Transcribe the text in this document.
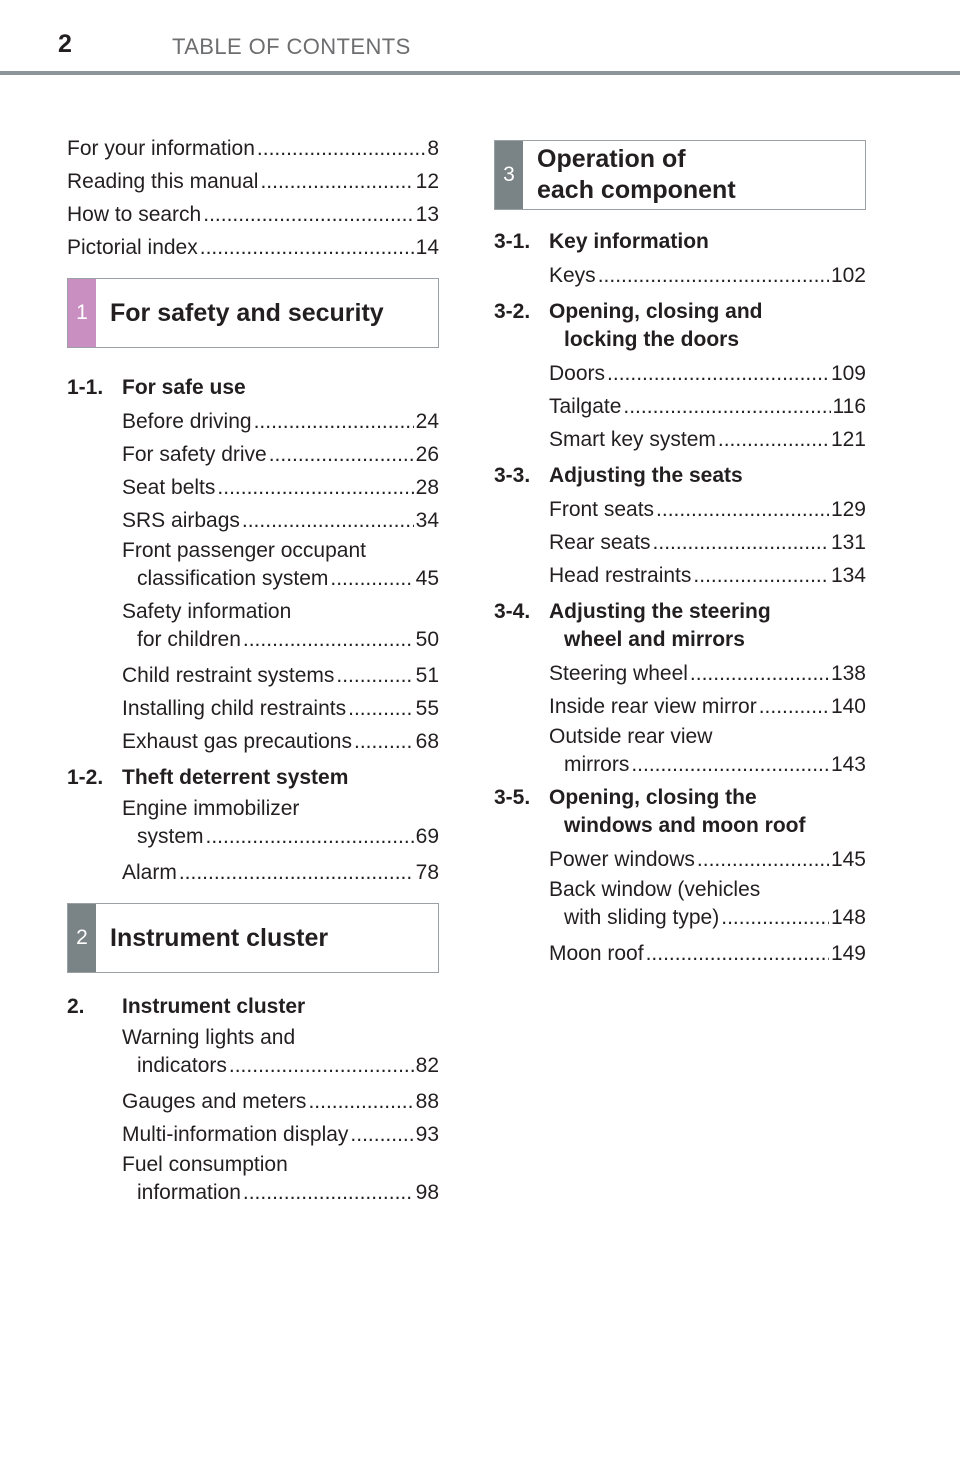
2	TABLE OF CONTENTS
For your information .....	8
Reading this manual .....	12
How to search .....	13
Pictorial index .....	14
1 For safety and security
1-1. For safe use
Before driving .....	24
For safety drive .....	26
Seat belts .....	28
SRS airbags .....	34
Front passenger occupant
classification system .....	45
Safety information
for children .....	50
Child restraint systems .....	51
Installing child restraints .....	55
Exhaust gas precautions .....	68
1-2. Theft deterrent system
Engine immobilizer
system .....	69
Alarm .....	78
2 Instrument cluster
2.	Instrument cluster
Warning lights and
indicators .....	82
Gauges and meters .....	88
Multi-information display .....	93
Fuel consumption
information .....	98
3
Operation of
each component
3-1. Key information
Keys .....	102
3-2. Opening, closing and
locking the doors
Doors .....	109
Tailgate .....	116
Smart key system .....	121
3-3. Adjusting the seats
Front seats .....	129
Rear seats .....	131
Head restraints .....	134
3-4. Adjusting the steering
wheel and mirrors
Steering wheel .....	138
Inside rear view mirror .....	140
Outside rear view
mirrors .....	143
3-5. Opening, closing the
windows and moon roof
Power windows .....	145
Back window (vehicles
with sliding type) .....	148
Moon roof .....	149
